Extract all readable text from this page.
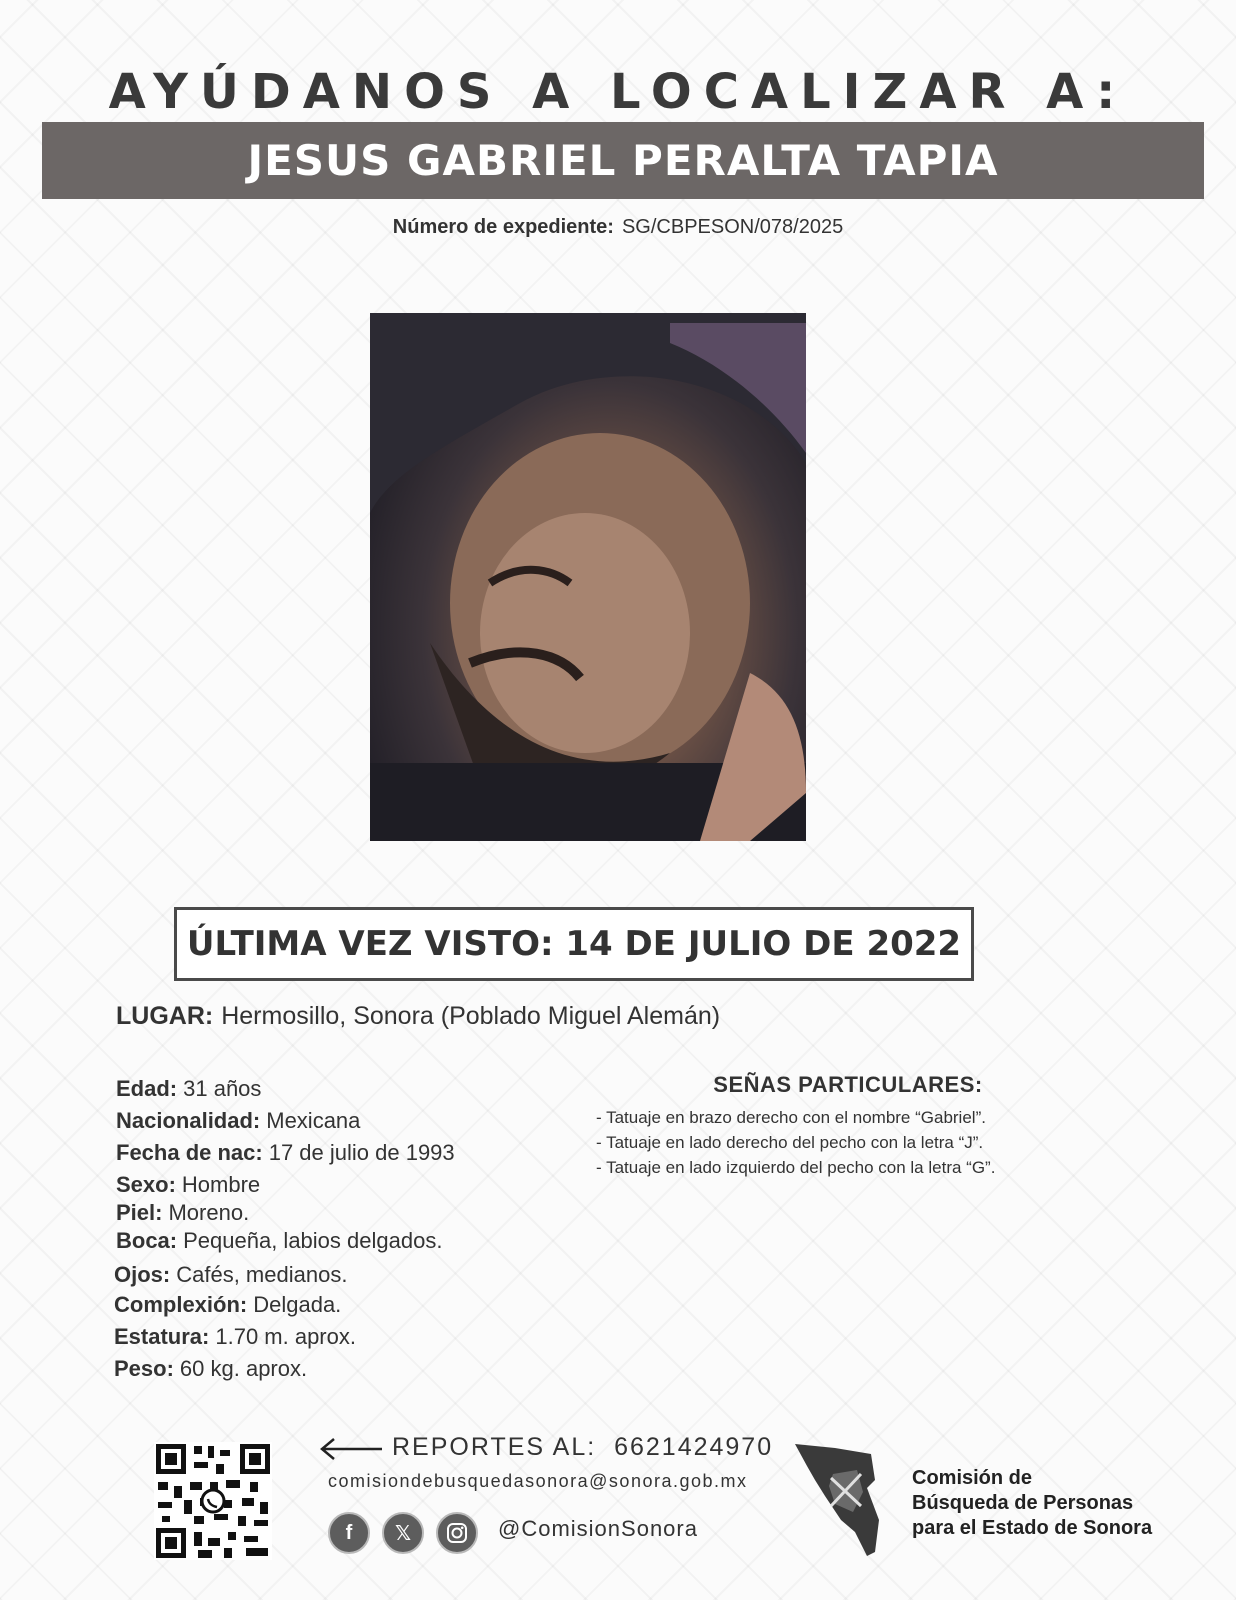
AYÚDANOS A LOCALIZAR A:
JESUS GABRIEL PERALTA TAPIA
Número de expediente: SG/CBPESON/078/2025
ÚLTIMA VEZ VISTO: 14 DE JULIO DE 2022
LUGAR: Hermosillo, Sonora (Poblado Miguel Alemán)
Edad: 31 años
Nacionalidad: Mexicana
Fecha de nac: 17 de julio de 1993
Sexo: Hombre
Piel: Moreno.
Boca: Pequeña, labios delgados.
Ojos: Cafés, medianos.
Complexión: Delgada.
Estatura: 1.70 m. aprox.
Peso: 60 kg. aprox.
SEÑAS PARTICULARES:
- Tatuaje en brazo derecho con el nombre “Gabriel”.
- Tatuaje en lado derecho del pecho con la letra “J”.
- Tatuaje en lado izquierdo del pecho con la letra “G”.
REPORTES AL: 6621424970
comisiondebusquedasonora@sonora.gob.mx
f	𝕏	@ComisionSonora
Comisión de
Búsqueda de Personas
para el Estado de Sonora
